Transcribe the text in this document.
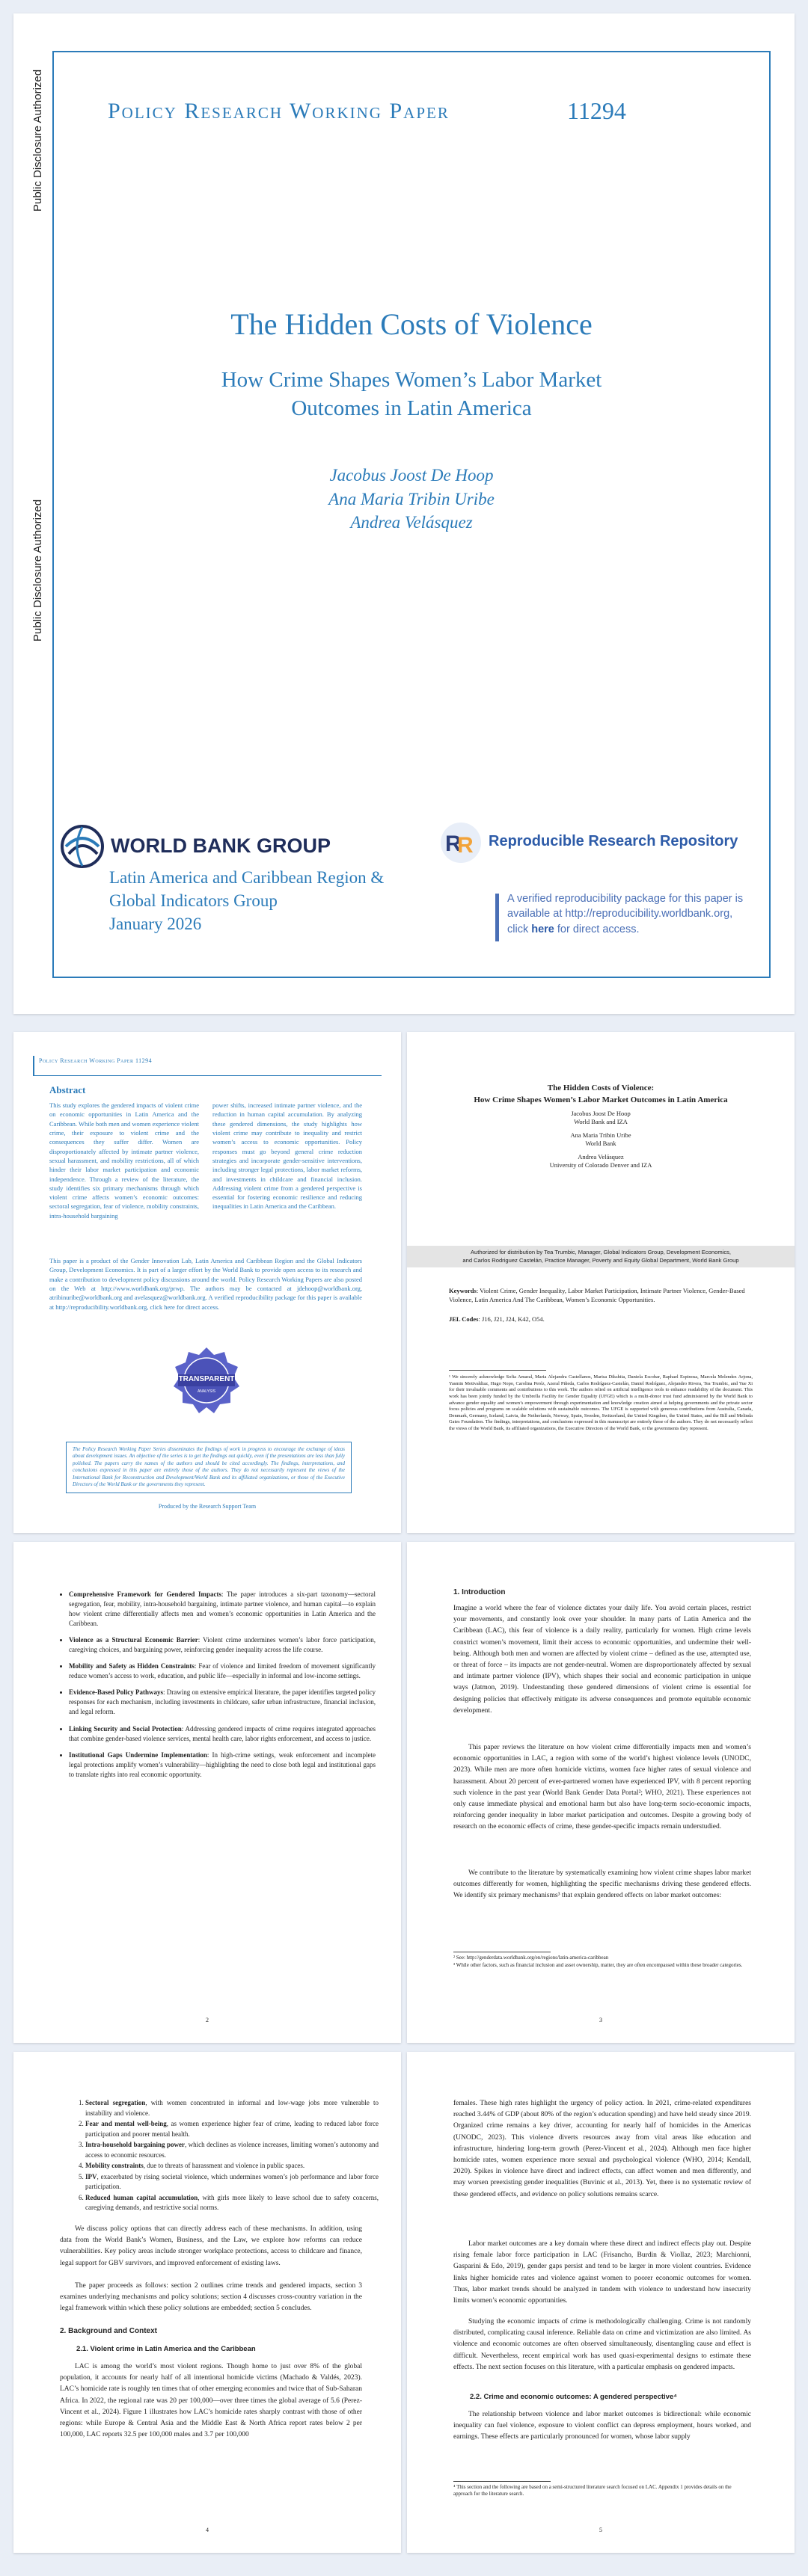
Public Disclosure Authorized
Public Disclosure Authorized
Policy Research Working Paper	11294
The Hidden Costs of Violence
How Crime Shapes Women’s Labor Market Outcomes in Latin America
Jacobus Joost De Hoop
Ana Maria Tribin Uribe
Andrea Velásquez
WORLD BANK GROUP
Latin America and Caribbean Region &
Global Indicators Group
January 2026
R
R Reproducible Research Repository
A verified reproducibility package for this paper is
available at http://reproducibility.worldbank.org,
click here for direct access.
Policy Research Working Paper 11294
Abstract
This study explores the gendered impacts of violent crime on economic opportunities in Latin America and the Caribbean. While both men and women experience violent crime, their exposure to violent crime and the consequences they suffer differ. Women are disproportionately affected by intimate partner violence, sexual harassment, and mobility restrictions, all of which hinder their labor market participation and economic independence. Through a review of the literature, the study identifies six primary mechanisms through which violent crime affects women’s economic outcomes: sectoral segregation, fear of violence, mobility constraints, intra-household bargaining
power shifts, increased intimate partner violence, and the reduction in human capital accumulation. By analyzing these gendered dimensions, the study highlights how violent crime may contribute to inequality and restrict women’s access to economic opportunities. Policy responses must go beyond general crime reduction strategies and incorporate gender-sensitive interventions, including stronger legal protections, labor market reforms, and investments in childcare and financial inclusion. Addressing violent crime from a gendered perspective is essential for fostering economic resilience and reducing inequalities in Latin America and the Caribbean.
This paper is a product of the Gender Innovation Lab, Latin America and Caribbean Region and the Global Indicators Group, Development Economics. It is part of a larger effort by the World Bank to provide open access to its research and make a contribution to development policy discussions around the world. Policy Research Working Papers are also posted on the Web at http://www.worldbank.org/prwp. The authors may be contacted at jdehoop@worldbank.org, atribinuribe@worldbank.org and avelasquez@worldbank.org. A verified reproducibility package for this paper is available at http://reproducibility.worldbank.org, click here for direct access.
TRANSPARENT
ANALYSIS
The Policy Research Working Paper Series disseminates the findings of work in progress to encourage the exchange of ideas about development issues. An objective of the series is to get the findings out quickly, even if the presentations are less than fully polished. The papers carry the names of the authors and should be cited accordingly. The findings, interpretations, and conclusions expressed in this paper are entirely those of the authors. They do not necessarily represent the views of the International Bank for Reconstruction and Development/World Bank and its affiliated organizations, or those of the Executive Directors of the World Bank or the governments they represent.
Produced by the Research Support Team
The Hidden Costs of Violence:
How Crime Shapes Women’s Labor Market Outcomes in Latin America
Jacobus Joost De Hoop
World Bank and IZA
Ana Maria Tribin Uribe
World Bank
Andrea Velásquez
University of Colorado Denver and IZA
Authorized for distribution by Tea Trumbic, Manager, Global Indicators Group, Development Economics,
and Carlos Rodriguez Castelán, Practice Manager, Poverty and Equity Global Department, World Bank Group
Keywords: Violent Crime, Gender Inequality, Labor Market Participation, Intimate Partner Violence, Gender-Based Violence, Latin America And The Caribbean, Women’s Economic Opportunities.
JEL Codes: J16, J21, J24, K42, O54.
¹ We sincerely acknowledge Sofia Amaral, Maria Alejandra Castellanos, Marisa Dikshita, Daniela Escobar, Raphael Espinosa, Marcela Melendez Arjona, Yasmin Motivaldiaz, Hugo Nopo, Carolina Peréz, Azeral Piñeda, Carlos Rodríguez-Castelán, Daniel Rodríguez, Alejandro Rivera, Tea Trumbic, and Yue Xi for their invaluable comments and contributions to this work. The authors relied on artificial intelligence tools to enhance readability of the document. This work has been jointly funded by the Umbrella Facility for Gender Equality (UFGE) which is a multi-donor trust fund administered by the World Bank to advance gender equality and women’s empowerment through experimentation and knowledge creation aimed at helping governments and the private sector focus policies and programs on scalable solutions with sustainable outcomes. The UFGE is supported with generous contributions from Australia, Canada, Denmark, Germany, Iceland, Latvia, the Netherlands, Norway, Spain, Sweden, Switzerland, the United Kingdom, the United States, and the Bill and Melinda Gates Foundation. The findings, interpretations, and conclusions expressed in this manuscript are entirely those of the authors. They do not necessarily reflect the views of the World Bank, its affiliated organizations, the Executive Directors of the World Bank, or the governments they represent.
• Comprehensive Framework for Gendered Impacts: The paper introduces a six-part taxonomy—sectoral segregation, fear, mobility, intra-household bargaining, intimate partner violence, and human capital—to explain how violent crime differentially affects men and women’s economic opportunities in Latin America and the Caribbean.
• Violence as a Structural Economic Barrier: Violent crime undermines women’s labor force participation, caregiving choices, and bargaining power, reinforcing gender inequality across the life course.
• Mobility and Safety as Hidden Constraints: Fear of violence and limited freedom of movement significantly reduce women’s access to work, education, and public life—especially in informal and low-income settings.
• Evidence-Based Policy Pathways: Drawing on extensive empirical literature, the paper identifies targeted policy responses for each mechanism, including investments in childcare, safer urban infrastructure, financial inclusion, and legal reform.
• Linking Security and Social Protection: Addressing gendered impacts of crime requires integrated approaches that combine gender-based violence services, mental health care, labor rights enforcement, and access to justice.
• Institutional Gaps Undermine Implementation: In high-crime settings, weak enforcement and incomplete legal protections amplify women’s vulnerability—highlighting the need to close both legal and institutional gaps to translate rights into real economic opportunity.
2
1. Introduction
Imagine a world where the fear of violence dictates your daily life. You avoid certain places, restrict your movements, and constantly look over your shoulder. In many parts of Latin America and the Caribbean (LAC), this fear of violence is a daily reality, particularly for women. High crime levels constrict women’s movement, limit their access to economic opportunities, and undermine their well-being. Although both men and women are affected by violent crime – defined as the use, attempted use, or threat of force – its impacts are not gender-neutral. Women are disproportionately affected by sexual and intimate partner violence (IPV), which shapes their social and economic participation in unique ways (Jatmon, 2019). Understanding these gendered dimensions of violent crime is essential for designing policies that effectively mitigate its adverse consequences and promote equitable economic development.
This paper reviews the literature on how violent crime differentially impacts men and women’s economic opportunities in LAC, a region with some of the world’s highest violence levels (UNODC, 2023). While men are more often homicide victims, women face higher rates of sexual violence and harassment. About 20 percent of ever-partnered women have experienced IPV, with 8 percent reporting such violence in the past year (World Bank Gender Data Portal²; WHO, 2021). These experiences not only cause immediate physical and emotional harm but also have long-term socio-economic impacts, reinforcing gender inequality in labor market participation and outcomes. Despite a growing body of research on the economic effects of crime, these gender-specific impacts remain understudied.
We contribute to the literature by systematically examining how violent crime shapes labor market outcomes differently for women, highlighting the specific mechanisms driving these gendered effects. We identify six primary mechanisms³ that explain gendered effects on labor market outcomes:
² See: http://genderdata.worldbank.org/en/regions/latin-america-caribbean
³ While other factors, such as financial inclusion and asset ownership, matter, they are often encompassed within these broader categories.
3
1. Sectoral segregation, with women concentrated in informal and low-wage jobs more vulnerable to instability and violence.
2. Fear and mental well-being, as women experience higher fear of crime, leading to reduced labor force participation and poorer mental health.
3. Intra-household bargaining power, which declines as violence increases, limiting women’s autonomy and access to economic resources.
4. Mobility constraints, due to threats of harassment and violence in public spaces.
5. IPV, exacerbated by rising societal violence, which undermines women’s job performance and labor force participation.
6. Reduced human capital accumulation, with girls more likely to leave school due to safety concerns, caregiving demands, and restrictive social norms.
We discuss policy options that can directly address each of these mechanisms. In addition, using data from the World Bank’s Women, Business, and the Law, we explore how reforms can reduce vulnerabilities. Key policy areas include stronger workplace protections, access to childcare and finance, legal support for GBV survivors, and improved enforcement of existing laws.
The paper proceeds as follows: section 2 outlines crime trends and gendered impacts, section 3 examines underlying mechanisms and policy solutions; section 4 discusses cross-country variation in the legal framework within which these policy solutions are embedded; section 5 concludes.
2. Background and Context
2.1. Violent crime in Latin America and the Caribbean
LAC is among the world’s most violent regions. Though home to just over 8% of the global population, it accounts for nearly half of all intentional homicide victims (Machado & Valdés, 2023). LAC’s homicide rate is roughly ten times that of other emerging economies and twice that of Sub-Saharan Africa. In 2022, the regional rate was 20 per 100,000—over three times the global average of 5.6 (Perez-Vincent et al., 2024). Figure 1 illustrates how LAC’s homicide rates sharply contrast with those of other regions: while Europe & Central Asia and the Middle East & North Africa report rates below 2 per 100,000, LAC reports 32.5 per 100,000 males and 3.7 per 100,000
4
females. These high rates highlight the urgency of policy action. In 2021, crime-related expenditures reached 3.44% of GDP (about 80% of the region’s education spending) and have held steady since 2019. Organized crime remains a key driver, accounting for nearly half of homicides in the Americas (UNODC, 2023). This violence diverts resources away from vital areas like education and infrastructure, hindering long-term growth (Perez-Vincent et al., 2024). Although men face higher homicide rates, women experience more sexual and psychological violence (WHO, 2014; Kendall, 2020). Spikes in violence have direct and indirect effects, can affect women and men differently, and may worsen preexisting gender inequalities (Buvinic et al., 2013). Yet, there is no systematic review of these gendered effects, and evidence on policy solutions remains scarce.
Labor market outcomes are a key domain where these direct and indirect effects play out. Despite rising female labor force participation in LAC (Frisancho, Burdin & Viollaz, 2023; Marchionni, Gasparini & Edo, 2019), gender gaps persist and tend to be larger in more violent countries. Evidence links higher homicide rates and violence against women to poorer economic outcomes for women. Thus, labor market trends should be analyzed in tandem with violence to understand how insecurity limits women’s economic opportunities.
Studying the economic impacts of crime is methodologically challenging. Crime is not randomly distributed, complicating causal inference. Reliable data on crime and victimization are also limited. As violence and economic outcomes are often observed simultaneously, disentangling cause and effect is difficult. Nevertheless, recent empirical work has used quasi-experimental designs to estimate these effects. The next section focuses on this literature, with a particular emphasis on gendered impacts.
2.2. Crime and economic outcomes: A gendered perspective⁴
The relationship between violence and labor market outcomes is bidirectional: while economic inequality can fuel violence, exposure to violent conflict can depress employment, hours worked, and earnings. These effects are particularly pronounced for women, whose labor supply
⁴ This section and the following are based on a semi-structured literature search focused on LAC. Appendix 1 provides details on the approach for the literature search.
5
